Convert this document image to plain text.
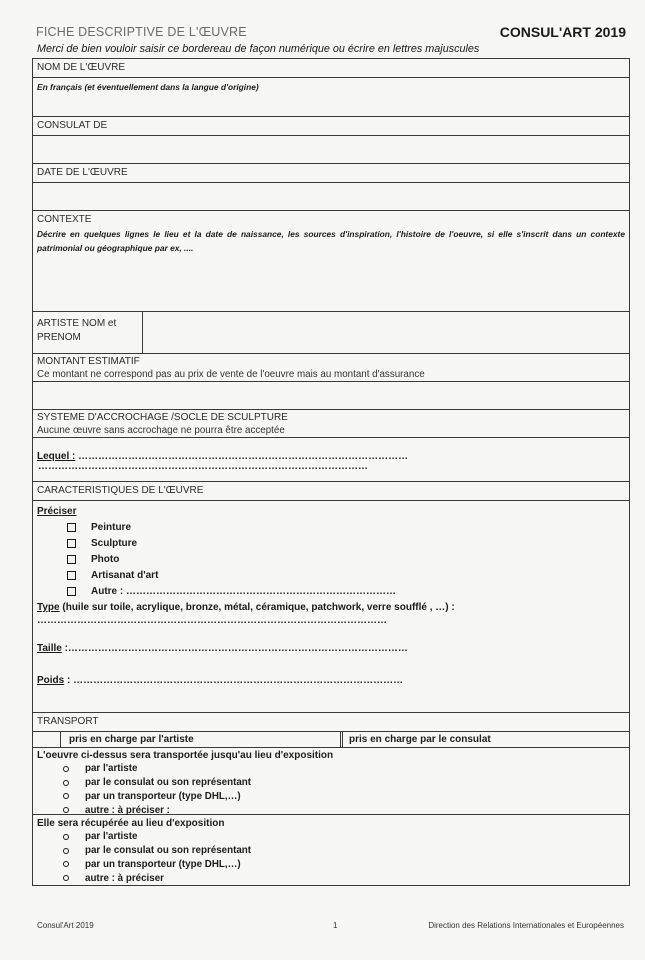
FICHE DESCRIPTIVE DE L'ŒUVRE	CONSUL'ART 2019
Merci de bien vouloir saisir ce bordereau de façon numérique ou écrire en lettres majuscules
NOM DE L'ŒUVRE
En français (et éventuellement dans la langue d'origine)
CONSULAT DE
DATE DE L'ŒUVRE
CONTEXTE
Décrire en quelques lignes le lieu et la date de naissance, les sources d'inspiration, l'histoire de l'oeuvre, si elle s'inscrit dans un contexte patrimonial ou géographique par ex, ....
ARTISTE NOM et PRENOM
MONTANT ESTIMATIF
Ce montant ne correspond pas au prix de vente de l'oeuvre mais au montant d'assurance
SYSTEME D'ACCROCHAGE /SOCLE DE SCULPTURE
Aucune œuvre sans accrochage ne pourra être acceptée
Lequel : ………………………………………………………………………………………
………………………………………………………………………………………
CARACTERISTIQUES DE L'ŒUVRE
Préciser
Peinture
Sculpture
Photo
Artisanat d'art
Autre : ………………………………………………………………………
Type (huile sur toile, acrylique, bronze, métal, céramique, patchwork, verre soufflé , …) :
……………………………………………………………………………………………
Taille :…………………………………………………………………………………………
Poids : ………………………………………………………………………………………
TRANSPORT
pris en charge par l'artiste	pris en charge par le consulat
L'oeuvre ci-dessus sera transportée jusqu'au lieu d'exposition
par l'artiste
par le consulat ou son représentant
par un transporteur (type DHL,…)
autre : à préciser :
Elle sera récupérée au lieu d'exposition
par l'artiste
par le consulat ou son représentant
par un transporteur (type DHL,…)
autre : à préciser
Consul'Art 2019	1	Direction des Relations Internationales et Européennes
